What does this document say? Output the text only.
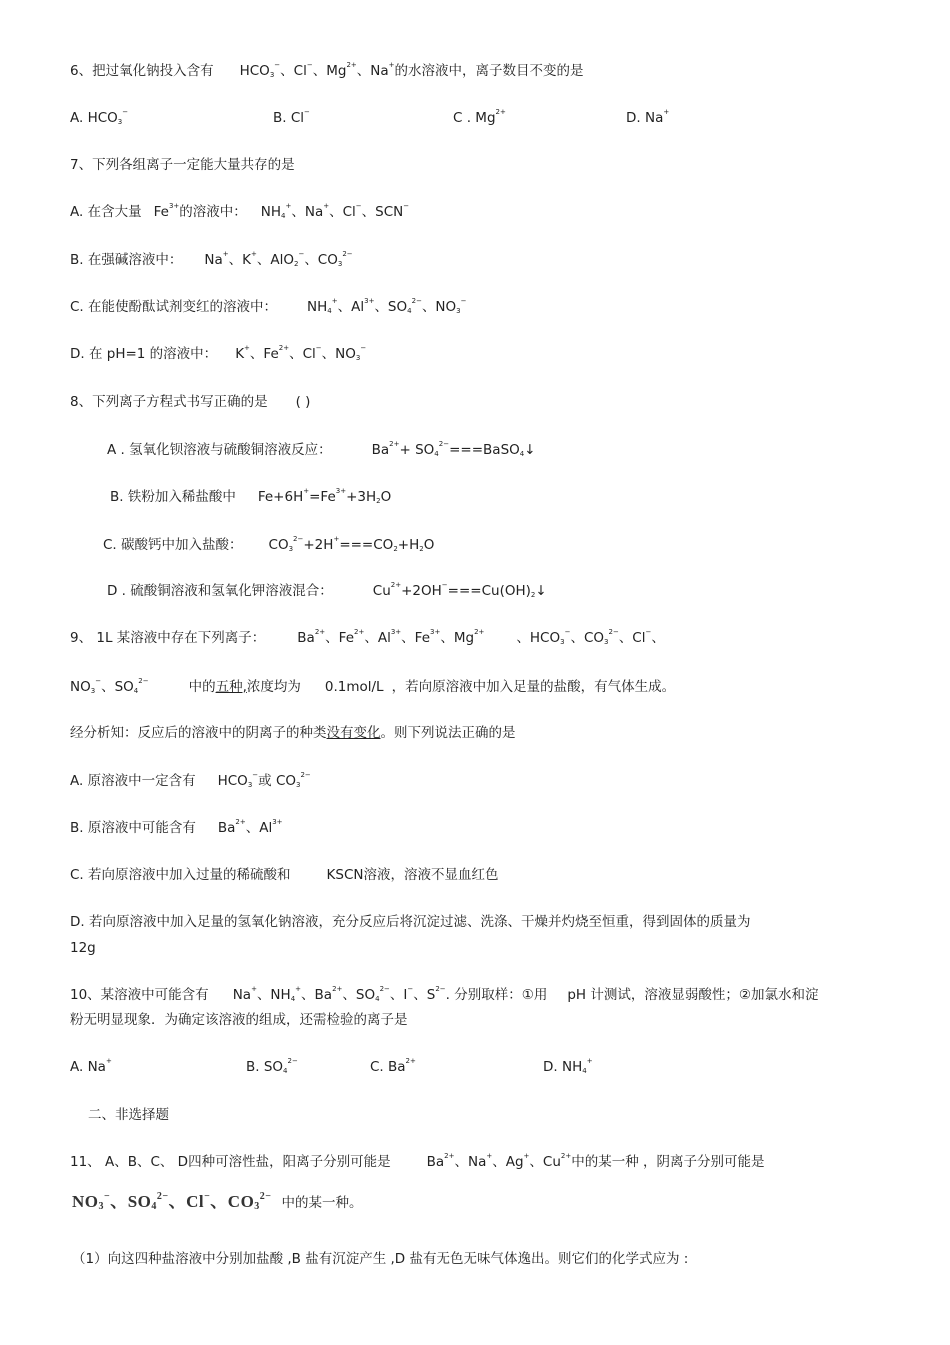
6、把过氧化钠投入含有 $HCO_3^-$、Cl−、$Mg^{2+}$、Na+的水溶液中，离子数目不变的是
A. $HCO_3^-$	B. Cl−	C . $Mg^{2+}$	D. Na+
7、下列各组离子一定能大量共存的是
A. 在含大量 $Fe^{3+}$的溶液中： $NH_4^+$、Na+、Cl−、SCN−
B. 在强碱溶液中： Na+、K+、AlO$_2$−、$CO_3^{2-}$
C. 在能使酚酞试剂变红的溶液中： $NH_4^+$、$Al^{3+}$、$SO_4^{2-}$、$NO_3^-$
D. 在 pH=1 的溶液中： K+、$Fe^{2+}$、Cl−、$NO_3^-$
8、下列离子方程式书写正确的是 ( )
A . 氢氧化钡溶液与硫酸铜溶液反应：	$Ba^{2+}+$ $SO_4^{2-}===BaSO_4↓$
B. 铁粉加入稀盐酸中 $Fe+6H^+=Fe^{3+}+3H_2O$
C. 碳酸钙中加入盐酸： $CO_3^{2-}+2H^+===CO_2+H_2O$
D . 硫酸铜溶液和氢氧化钾溶液混合：	$Cu^{2+}+2OH^-===Cu(OH)_2↓$
9、 1L 某溶液中存在下列离子： $Ba^{2+}$、$Fe^{2+}$、$Al^{3+}$、$Fe^{3+}$、$Mg^{2+}$ 、$HCO_3^-$、$CO_3^{2-}$、Cl−、
$NO_3^-$、$SO_4^{2-}$	中的五种,浓度均为 0.1mol/L ，若向原溶液中加入足量的盐酸，有气体生成。
经分析知：反应后的溶液中的阴离子的种类没有变化。则下列说法正确的是
A. 原溶液中一定含有 $HCO_3^-$或 $CO_3^{2-}$
B. 原溶液中可能含有 $Ba^{2+}$、$Al^{3+}$
C. 若向原溶液中加入过量的稀硫酸和	KSCN溶液，溶液不显血红色
D. 若向原溶液中加入足量的氢氧化钠溶液，充分反应后将沉淀过滤、洗涤、干燥并灼烧至恒重，得到固体的质量为
12g
10、某溶液中可能含有 Na+、$NH_4^+$、$Ba^{2+}$、$SO_4^{2-}$、I−、$S^{2-}$. 分别取样：①用 pH 计测试，溶液显弱酸性；②加氯水和淀
粉无明显现象．为确定该溶液的组成，还需检验的离子是
A. Na+	B. $SO_4^{2-}$	C. $Ba^{2+}$	D. $NH_4^+$
二、非选择题
11、 A、B、C、 D四种可溶性盐，阳离子分别可能是	$Ba^{2+}$、Na+、Ag+、$Cu^{2+}$中的某一种 ，阴离子分别可能是
$NO_3^-$、$SO_4^{2-}$、Cl−、$CO_3^{2-}$ 中的某一种。
（1）向这四种盐溶液中分别加盐酸 ,B 盐有沉淀产生 ,D 盐有无色无味气体逸出。则它们的化学式应为 :
